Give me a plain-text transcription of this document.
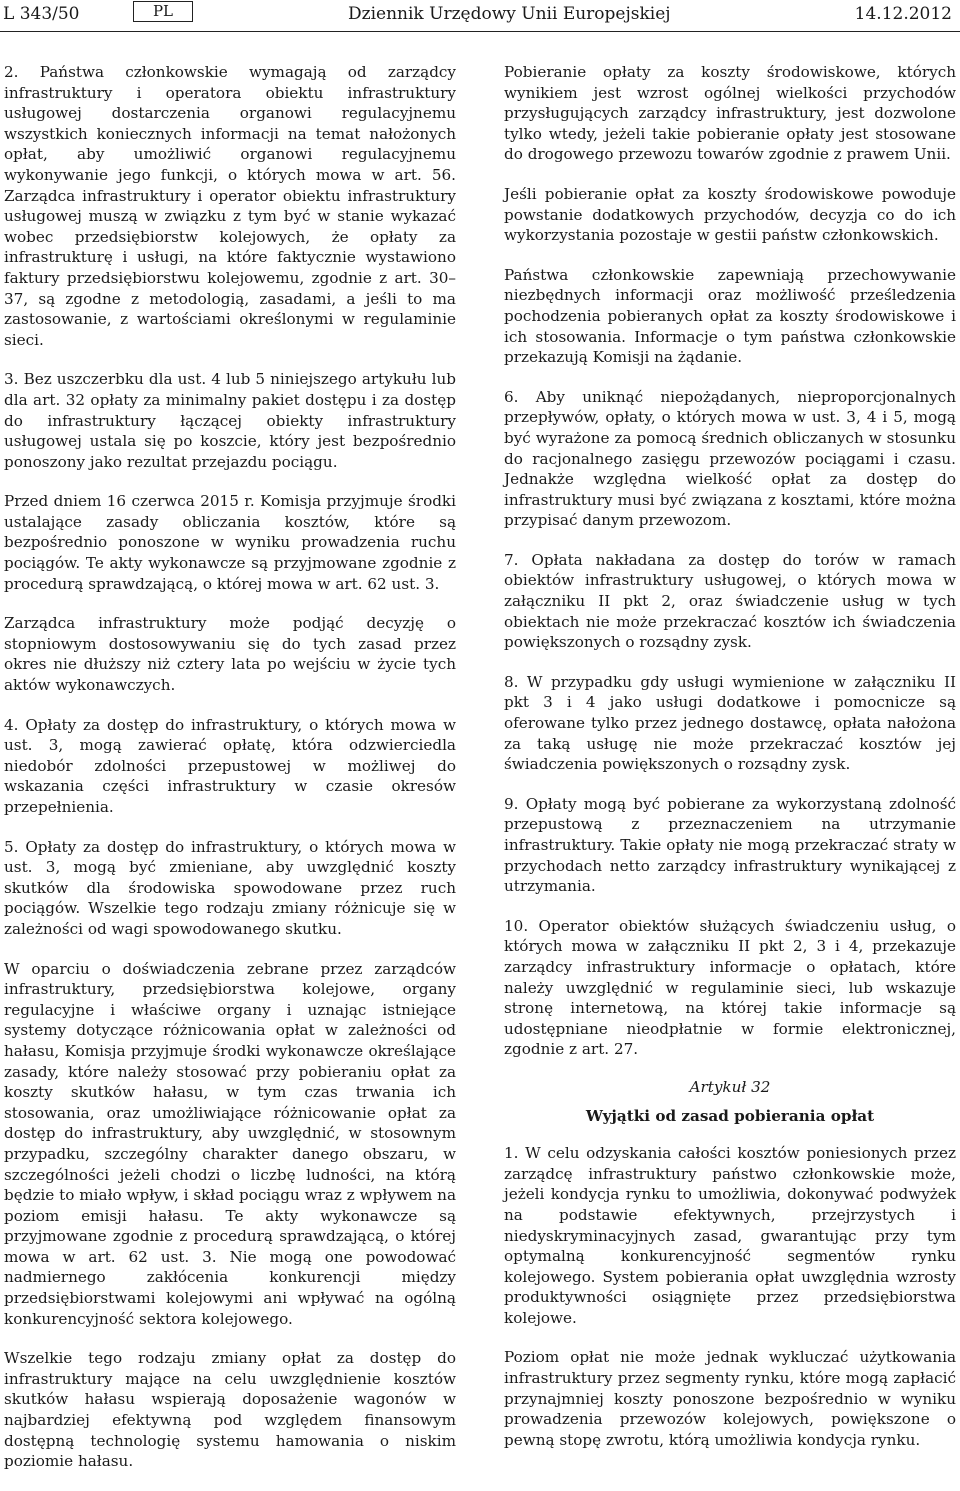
L 343/50	PL	Dziennik Urzędowy Unii Europejskiej	14.12.2012

2. Państwa członkowskie wymagają od zarządcy infrastruktury i operatora obiektu infrastruktury usługowej dostarczenia organowi regulacyjnemu wszystkich koniecznych informacji na temat nałożonych opłat, aby umożliwić organowi regulacyjnemu wykonywanie jego funkcji, o których mowa w art. 56. Zarządca infrastruktury i operator obiektu infrastruktury usługowej muszą w związku z tym być w stanie wykazać wobec przedsiębiorstw kolejowych, że opłaty za infrastrukturę i usługi, na które faktycznie wystawiono faktury przedsiębiorstwu kolejowemu, zgodnie z art. 30–37, są zgodne z metodologią, zasadami, a jeśli to ma zastosowanie, z wartościami określonymi w regulaminie sieci.

3. Bez uszczerbku dla ust. 4 lub 5 niniejszego artykułu lub dla art. 32 opłaty za minimalny pakiet dostępu i za dostęp do infrastruktury łączącej obiekty infrastruktury usługowej ustala się po koszcie, który jest bezpośrednio ponoszony jako rezultat przejazdu pociągu.

Przed dniem 16 czerwca 2015 r. Komisja przyjmuje środki ustalające zasady obliczania kosztów, które są bezpośrednio ponoszone w wyniku prowadzenia ruchu pociągów. Te akty wykonawcze są przyjmowane zgodnie z procedurą sprawdzającą, o której mowa w art. 62 ust. 3.

Zarządca infrastruktury może podjąć decyzję o stopniowym dostosowywaniu się do tych zasad przez okres nie dłuższy niż cztery lata po wejściu w życie tych aktów wykonawczych.

4. Opłaty za dostęp do infrastruktury, o których mowa w ust. 3, mogą zawierać opłatę, która odzwierciedla niedobór zdolności przepustowej w możliwej do wskazania części infrastruktury w czasie okresów przepełnienia.

5. Opłaty za dostęp do infrastruktury, o których mowa w ust. 3, mogą być zmieniane, aby uwzględnić koszty skutków dla środowiska spowodowane przez ruch pociągów. Wszelkie tego rodzaju zmiany różnicuje się w zależności od wagi spowodowanego skutku.

W oparciu o doświadczenia zebrane przez zarządców infrastruktury, przedsiębiorstwa kolejowe, organy regulacyjne i właściwe organy i uznając istniejące systemy dotyczące różnicowania opłat w zależności od hałasu, Komisja przyjmuje środki wykonawcze określające zasady, które należy stosować przy pobieraniu opłat za koszty skutków hałasu, w tym czas trwania ich stosowania, oraz umożliwiające różnicowanie opłat za dostęp do infrastruktury, aby uwzględnić, w stosownym przypadku, szczególny charakter danego obszaru, w szczególności jeżeli chodzi o liczbę ludności, na którą będzie to miało wpływ, i skład pociągu wraz z wpływem na poziom emisji hałasu. Te akty wykonawcze są przyjmowane zgodnie z procedurą sprawdzającą, o której mowa w art. 62 ust. 3. Nie mogą one powodować nadmiernego zakłócenia konkurencji między przedsiębiorstwami kolejowymi ani wpływać na ogólną konkurencyjność sektora kolejowego.

Wszelkie tego rodzaju zmiany opłat za dostęp do infrastruktury mające na celu uwzględnienie kosztów skutków hałasu wspierają doposażenie wagonów w najbardziej efektywną pod względem finansowym dostępną technologię systemu hamowania o niskim poziomie hałasu.

Pobieranie opłaty za koszty środowiskowe, których wynikiem jest wzrost ogólnej wielkości przychodów przysługujących zarządcy infrastruktury, jest dozwolone tylko wtedy, jeżeli takie pobieranie opłaty jest stosowane do drogowego przewozu towarów zgodnie z prawem Unii.

Jeśli pobieranie opłat za koszty środowiskowe powoduje powstanie dodatkowych przychodów, decyzja co do ich wykorzystania pozostaje w gestii państw członkowskich.

Państwa członkowskie zapewniają przechowywanie niezbędnych informacji oraz możliwość prześledzenia pochodzenia pobieranych opłat za koszty środowiskowe i ich stosowania. Informacje o tym państwa członkowskie przekazują Komisji na żądanie.

6. Aby uniknąć niepożądanych, nieproporcjonalnych przepływów, opłaty, o których mowa w ust. 3, 4 i 5, mogą być wyrażone za pomocą średnich obliczanych w stosunku do racjonalnego zasięgu przewozów pociągami i czasu. Jednakże względna wielkość opłat za dostęp do infrastruktury musi być związana z kosztami, które można przypisać danym przewozom.

7. Opłata nakładana za dostęp do torów w ramach obiektów infrastruktury usługowej, o których mowa w załączniku II pkt 2, oraz świadczenie usług w tych obiektach nie może przekraczać kosztów ich świadczenia powiększonych o rozsądny zysk.

8. W przypadku gdy usługi wymienione w załączniku II pkt 3 i 4 jako usługi dodatkowe i pomocnicze są oferowane tylko przez jednego dostawcę, opłata nałożona za taką usługę nie może przekraczać kosztów jej świadczenia powiększonych o rozsądny zysk.

9. Opłaty mogą być pobierane za wykorzystaną zdolność przepustową z przeznaczeniem na utrzymanie infrastruktury. Takie opłaty nie mogą przekraczać straty w przychodach netto zarządcy infrastruktury wynikającej z utrzymania.

10. Operator obiektów służących świadczeniu usług, o których mowa w załączniku II pkt 2, 3 i 4, przekazuje zarządcy infrastruktury informacje o opłatach, które należy uwzględnić w regulaminie sieci, lub wskazuje stronę internetową, na której takie informacje są udostępniane nieodpłatnie w formie elektronicznej, zgodnie z art. 27.

Artykuł 32
Wyjątki od zasad pobierania opłat

1. W celu odzyskania całości kosztów poniesionych przez zarządcę infrastruktury państwo członkowskie może, jeżeli kondycja rynku to umożliwia, dokonywać podwyżek na podstawie efektywnych, przejrzystych i niedyskryminacyjnych zasad, gwarantując przy tym optymalną konkurencyjność segmentów rynku kolejowego. System pobierania opłat uwzględnia wzrosty produktywności osiągnięte przez przedsiębiorstwa kolejowe.

Poziom opłat nie może jednak wykluczać użytkowania infrastruktury przez segmenty rynku, które mogą zapłacić przynajmniej koszty ponoszone bezpośrednio w wyniku prowadzenia przewozów kolejowych, powiększone o pewną stopę zwrotu, którą umożliwia kondycja rynku.
